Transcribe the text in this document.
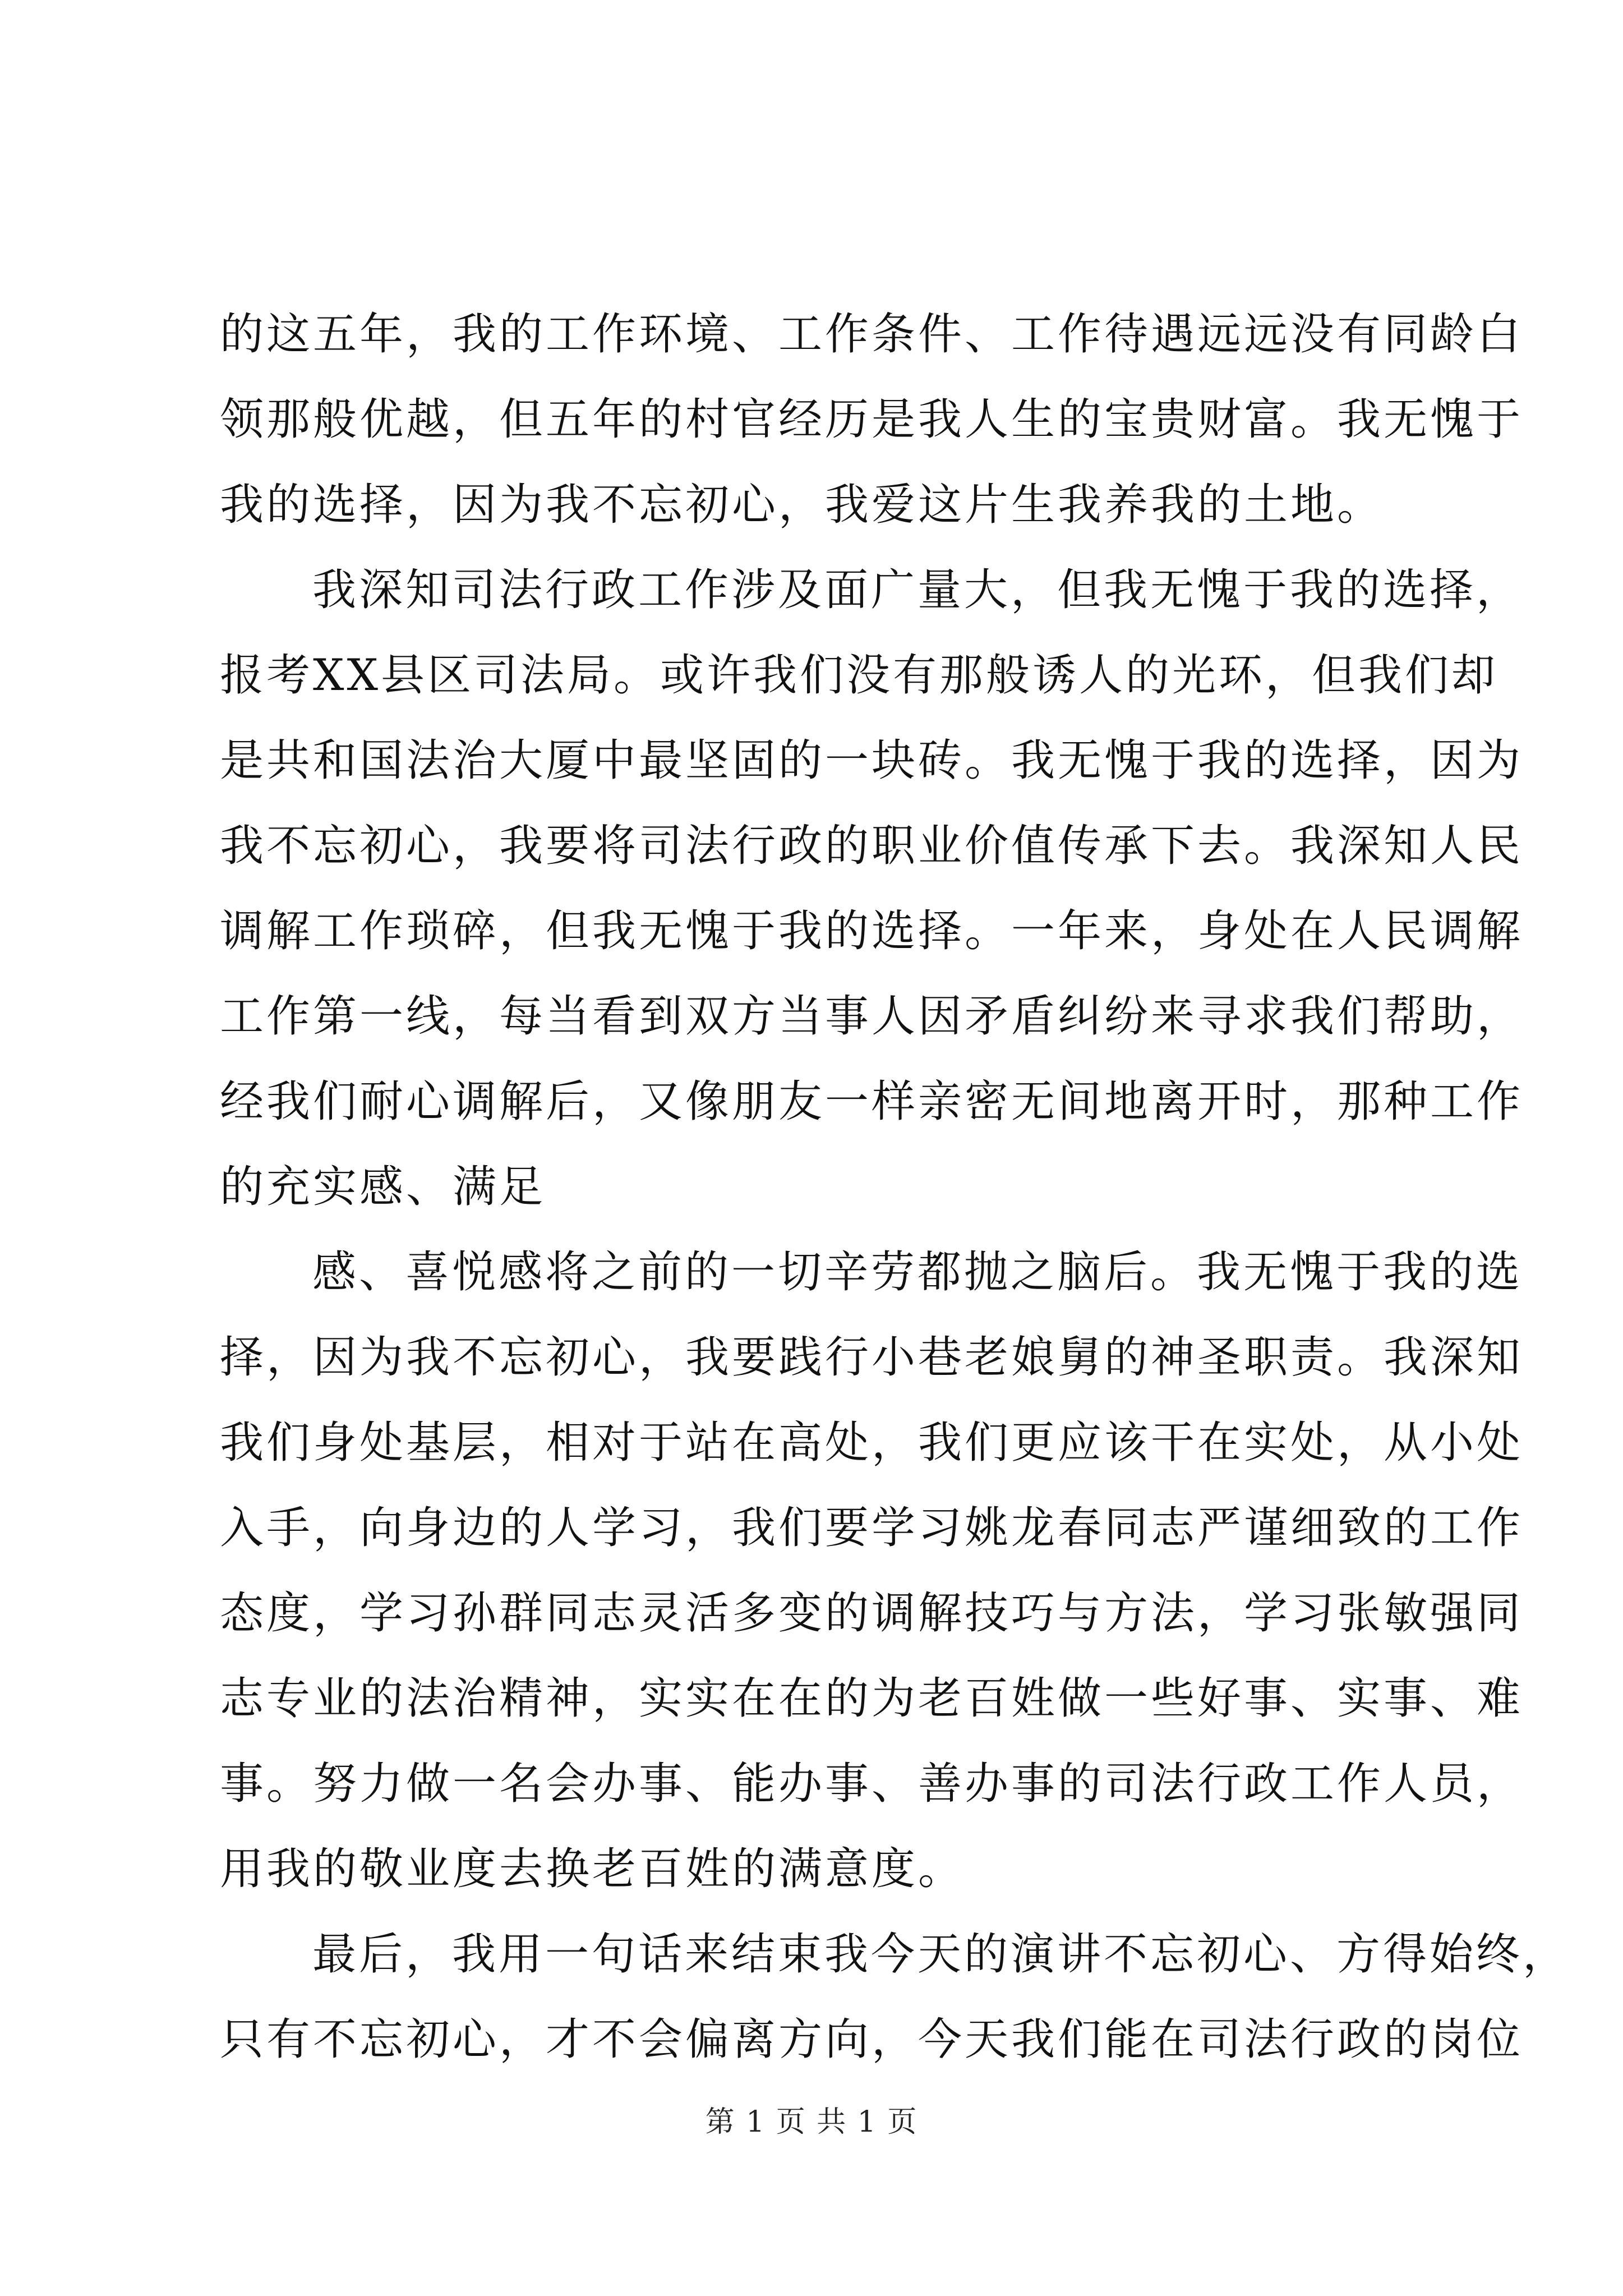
的这五年，我的工作环境、工作条件、工作待遇远远没有同龄白
领那般优越，但五年的村官经历是我人生的宝贵财富。我无愧于
我的选择，因为我不忘初心，我爱这片生我养我的土地。
我深知司法行政工作涉及面广量大，但我无愧于我的选择，
报考XX县区司法局。或许我们没有那般诱人的光环，但我们却
是共和国法治大厦中最坚固的一块砖。我无愧于我的选择，因为
我不忘初心，我要将司法行政的职业价值传承下去。我深知人民
调解工作琐碎，但我无愧于我的选择。一年来，身处在人民调解
工作第一线，每当看到双方当事人因矛盾纠纷来寻求我们帮助，
经我们耐心调解后，又像朋友一样亲密无间地离开时，那种工作
的充实感、满足
感、喜悦感将之前的一切辛劳都抛之脑后。我无愧于我的选
择，因为我不忘初心，我要践行小巷老娘舅的神圣职责。我深知
我们身处基层，相对于站在高处，我们更应该干在实处，从小处
入手，向身边的人学习，我们要学习姚龙春同志严谨细致的工作
态度，学习孙群同志灵活多变的调解技巧与方法，学习张敏强同
志专业的法治精神，实实在在的为老百姓做一些好事、实事、难
事。努力做一名会办事、能办事、善办事的司法行政工作人员，
用我的敬业度去换老百姓的满意度。
最后，我用一句话来结束我今天的演讲不忘初心、方得始终，
只有不忘初心，才不会偏离方向，今天我们能在司法行政的岗位
第 1 页 共 1 页
